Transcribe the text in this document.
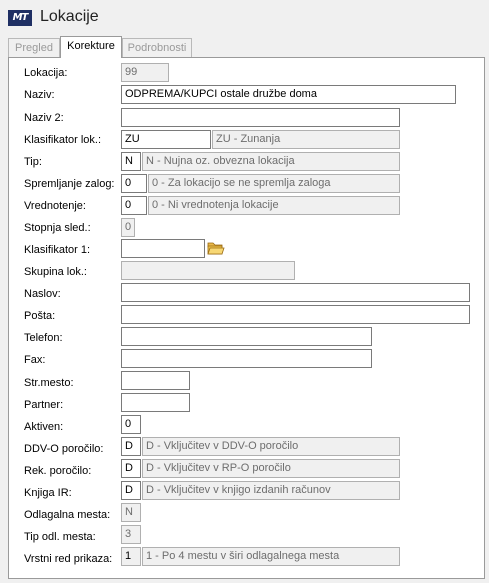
MT Lokacije
Pregled	Korekture	Podrobnosti
Lokacija:	99
Naziv:	ODPREMA/KUPCI ostale družbe doma
Naziv 2:
Klasifikator lok.:	ZU	ZU - Zunanja
Tip:	N	N - Nujna oz. obvezna lokacija
Spremljanje zalog: 0	0 - Za lokacijo se ne spremlja zaloga
Vrednotenje:	0	0 - Ni vrednotenja lokacije
Stopnja sled.:	0
Klasifikator 1:
Skupina lok.:
Naslov:
Pošta:
Telefon:
Fax:
Str.mesto:
Partner:
Aktiven:	0
DDV-O poročilo:	D	D - Vključitev v DDV-O poročilo
Rek. poročilo:	D	D - Vključitev v RP-O poročilo
Knjiga IR:	D	D - Vključitev v knjigo izdanih računov
Odlagalna mesta:	N
Tip odl. mesta:	3
Vrstni red prikaza:	1	1 - Po 4 mestu v širi odlagalnega mesta
